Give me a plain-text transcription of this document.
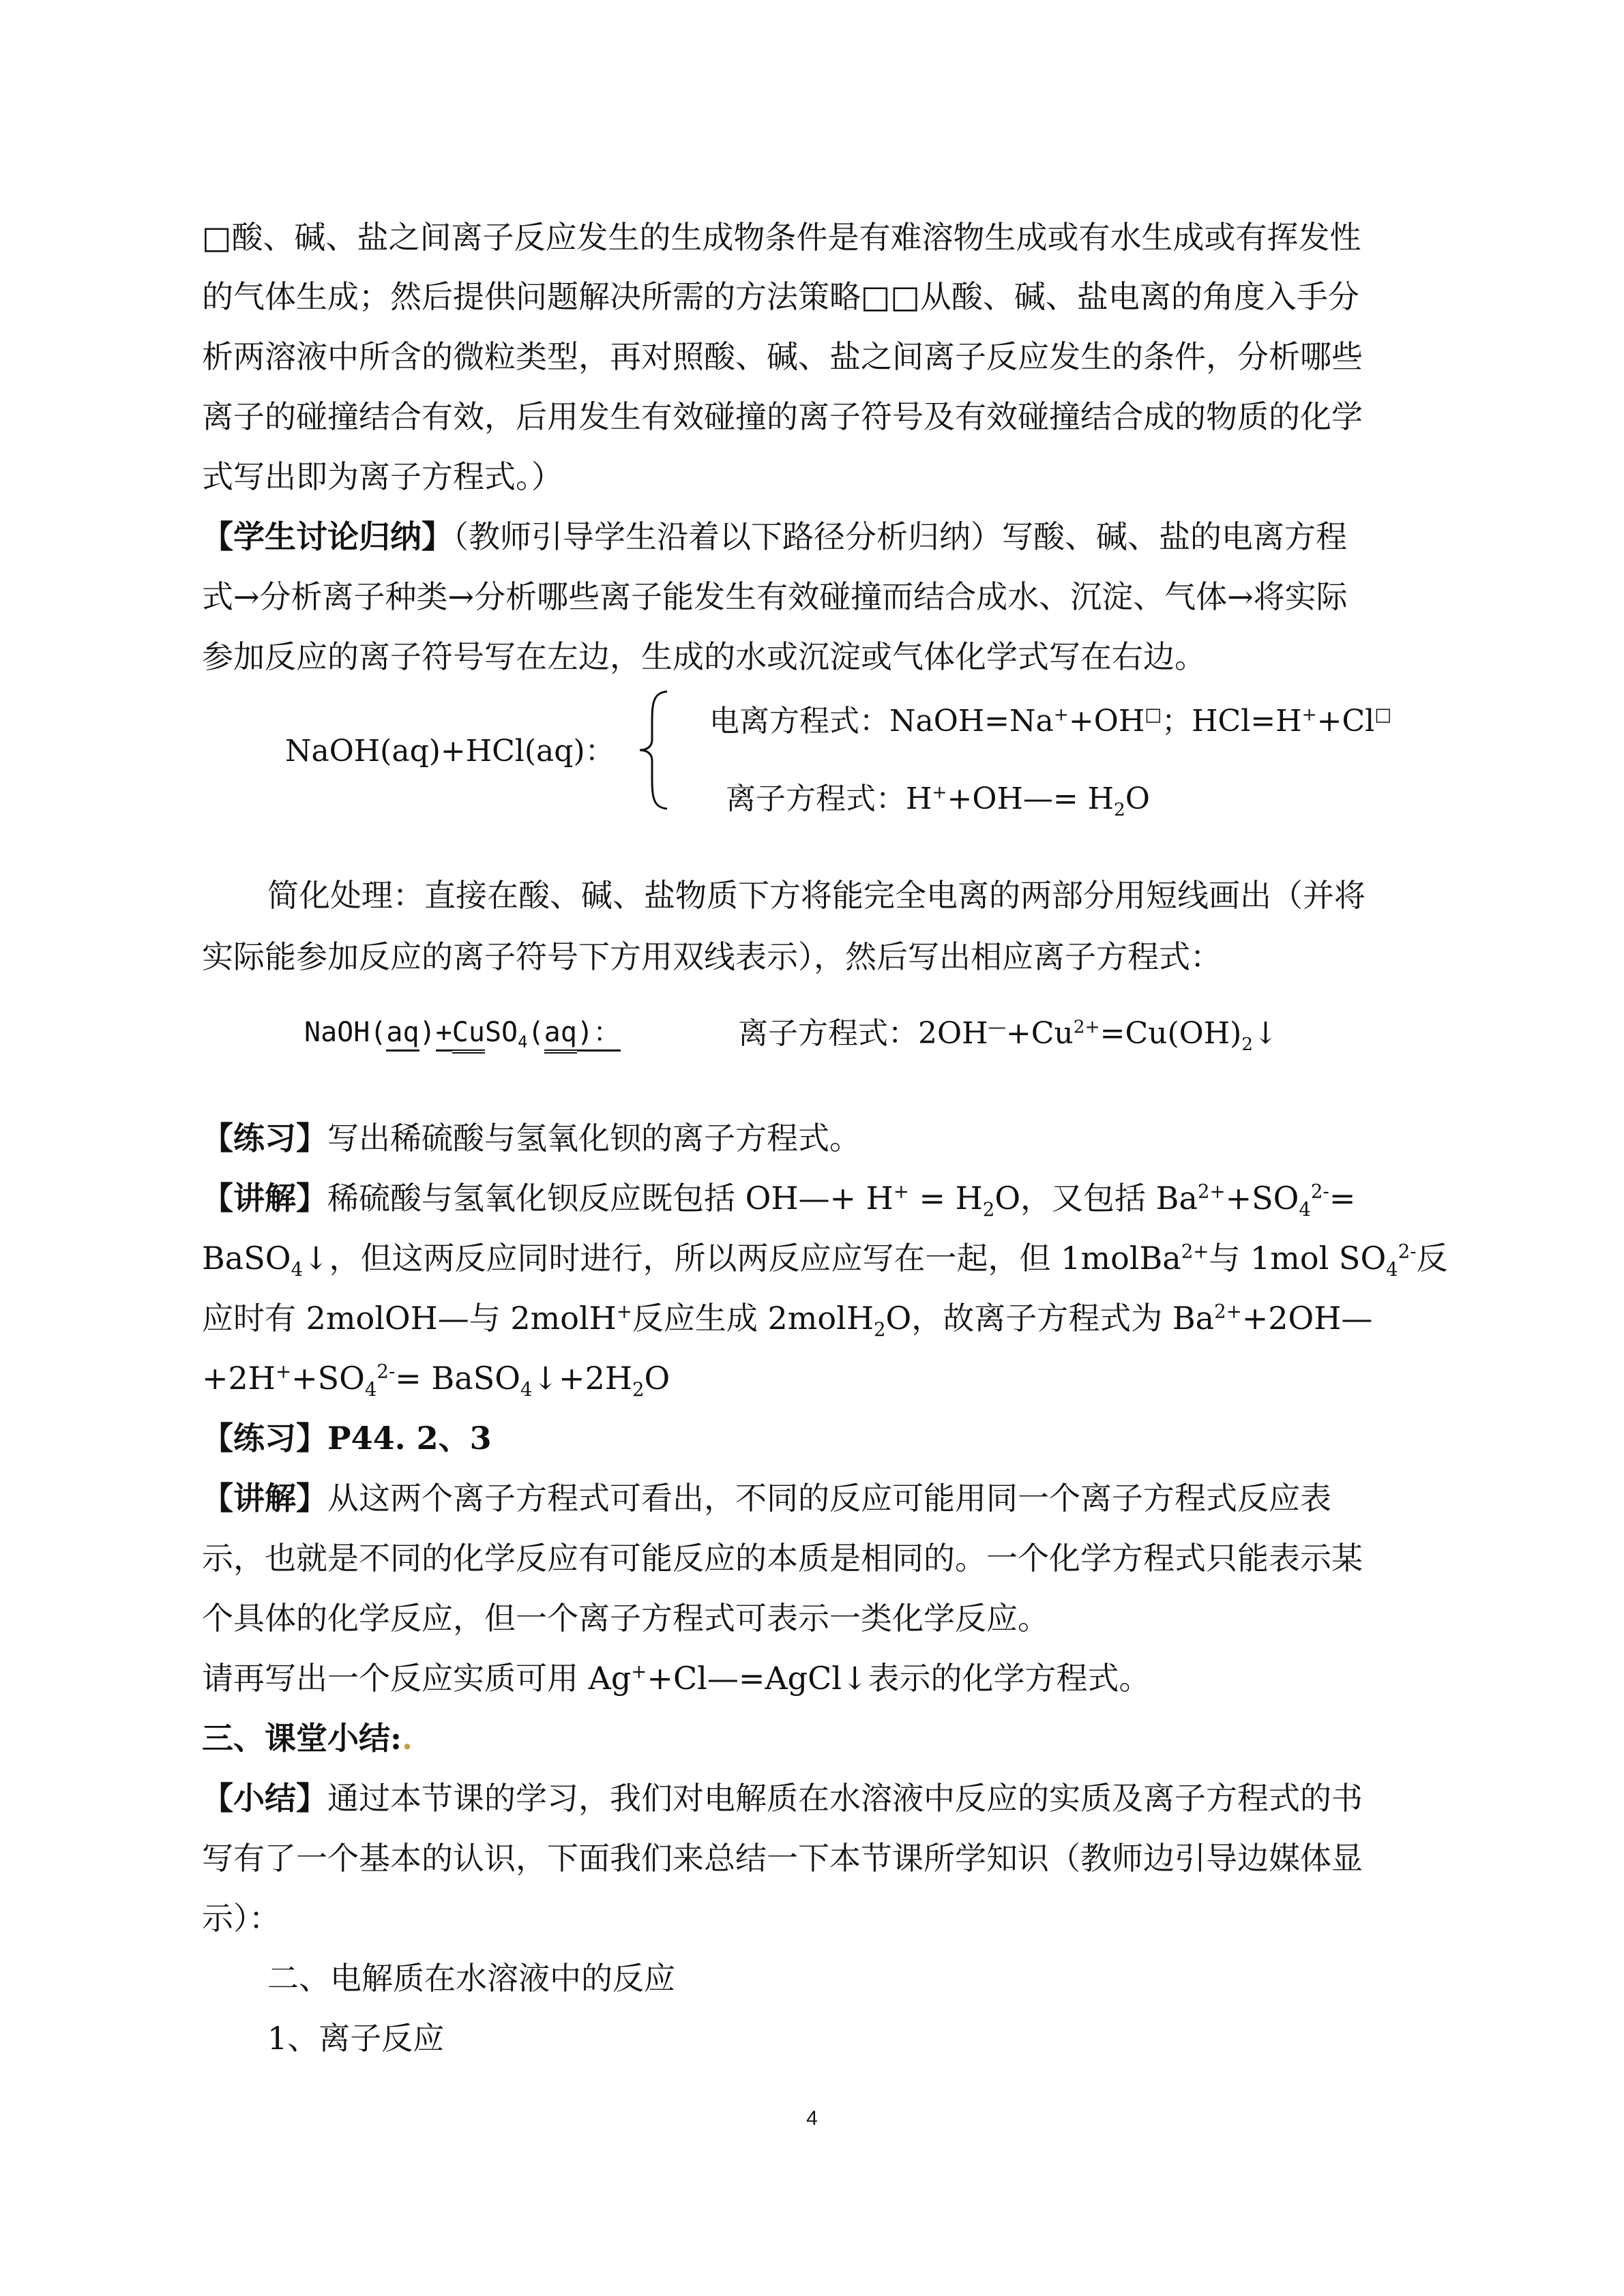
□酸、碱、盐之间离子反应发生的生成物条件是有难溶物生成或有水生成或有挥发性
的气体生成；然后提供问题解决所需的方法策略□□从酸、碱、盐电离的角度入手分
析两溶液中所含的微粒类型，再对照酸、碱、盐之间离子反应发生的条件，分析哪些
离子的碰撞结合有效，后用发生有效碰撞的离子符号及有效碰撞结合成的物质的化学
式写出即为离子方程式。）
【学生讨论归纳】（教师引导学生沿着以下路径分析归纳）写酸、碱、盐的电离方程
式→分析离子种类→分析哪些离子能发生有效碰撞而结合成水、沉淀、气体→将实际
参加反应的离子符号写在左边，生成的水或沉淀或气体化学式写在右边。
NaOH(aq)+HCl(aq)：
电离方程式：NaOH=Na++OH□；HCl=H++Cl□
离子方程式：H++OH—= $H_2O$
简化处理：直接在酸、碱、盐物质下方将能完全电离的两部分用短线画出（并将
实际能参加反应的离子符号下方用双线表示），然后写出相应离子方程式：
NaOH(aq)+CuSO$_4$(aq)：	离子方程式：$2OH^—+Cu^{2+}=Cu(OH)_2↓$
【练习】写出稀硫酸与氢氧化钡的离子方程式。
【讲解】稀硫酸与氢氧化钡反应既包括 OH—+ $H^+ = H_2O$，又包括 $Ba^{2+}+SO_4^{2-}=$
BaSO$_4$↓，但这两反应同时进行，所以两反应应写在一起，但 1molBa$^{2+}$与 1mol $SO_4^{2-}$反
应时有 2molOH—与 2molH+反应生成 2molH$_2$O，故离子方程式为 $Ba^{2+}+2OH—$
$+2H^++SO_4^{2-}=$ $BaSO_4↓+2H_2O$
【练习】P44. 2、3
【讲解】从这两个离子方程式可看出，不同的反应可能用同一个离子方程式反应表
示，也就是不同的化学反应有可能反应的本质是相同的。一个化学方程式只能表示某
个具体的化学反应，但一个离子方程式可表示一类化学反应。
请再写出一个反应实质可用 Ag++Cl—=AgCl↓表示的化学方程式。
三、课堂小结:.
【小结】通过本节课的学习，我们对电解质在水溶液中反应的实质及离子方程式的书
写有了一个基本的认识，下面我们来总结一下本节课所学知识（教师边引导边媒体显
示）：
二、电解质在水溶液中的反应
1、离子反应
4
